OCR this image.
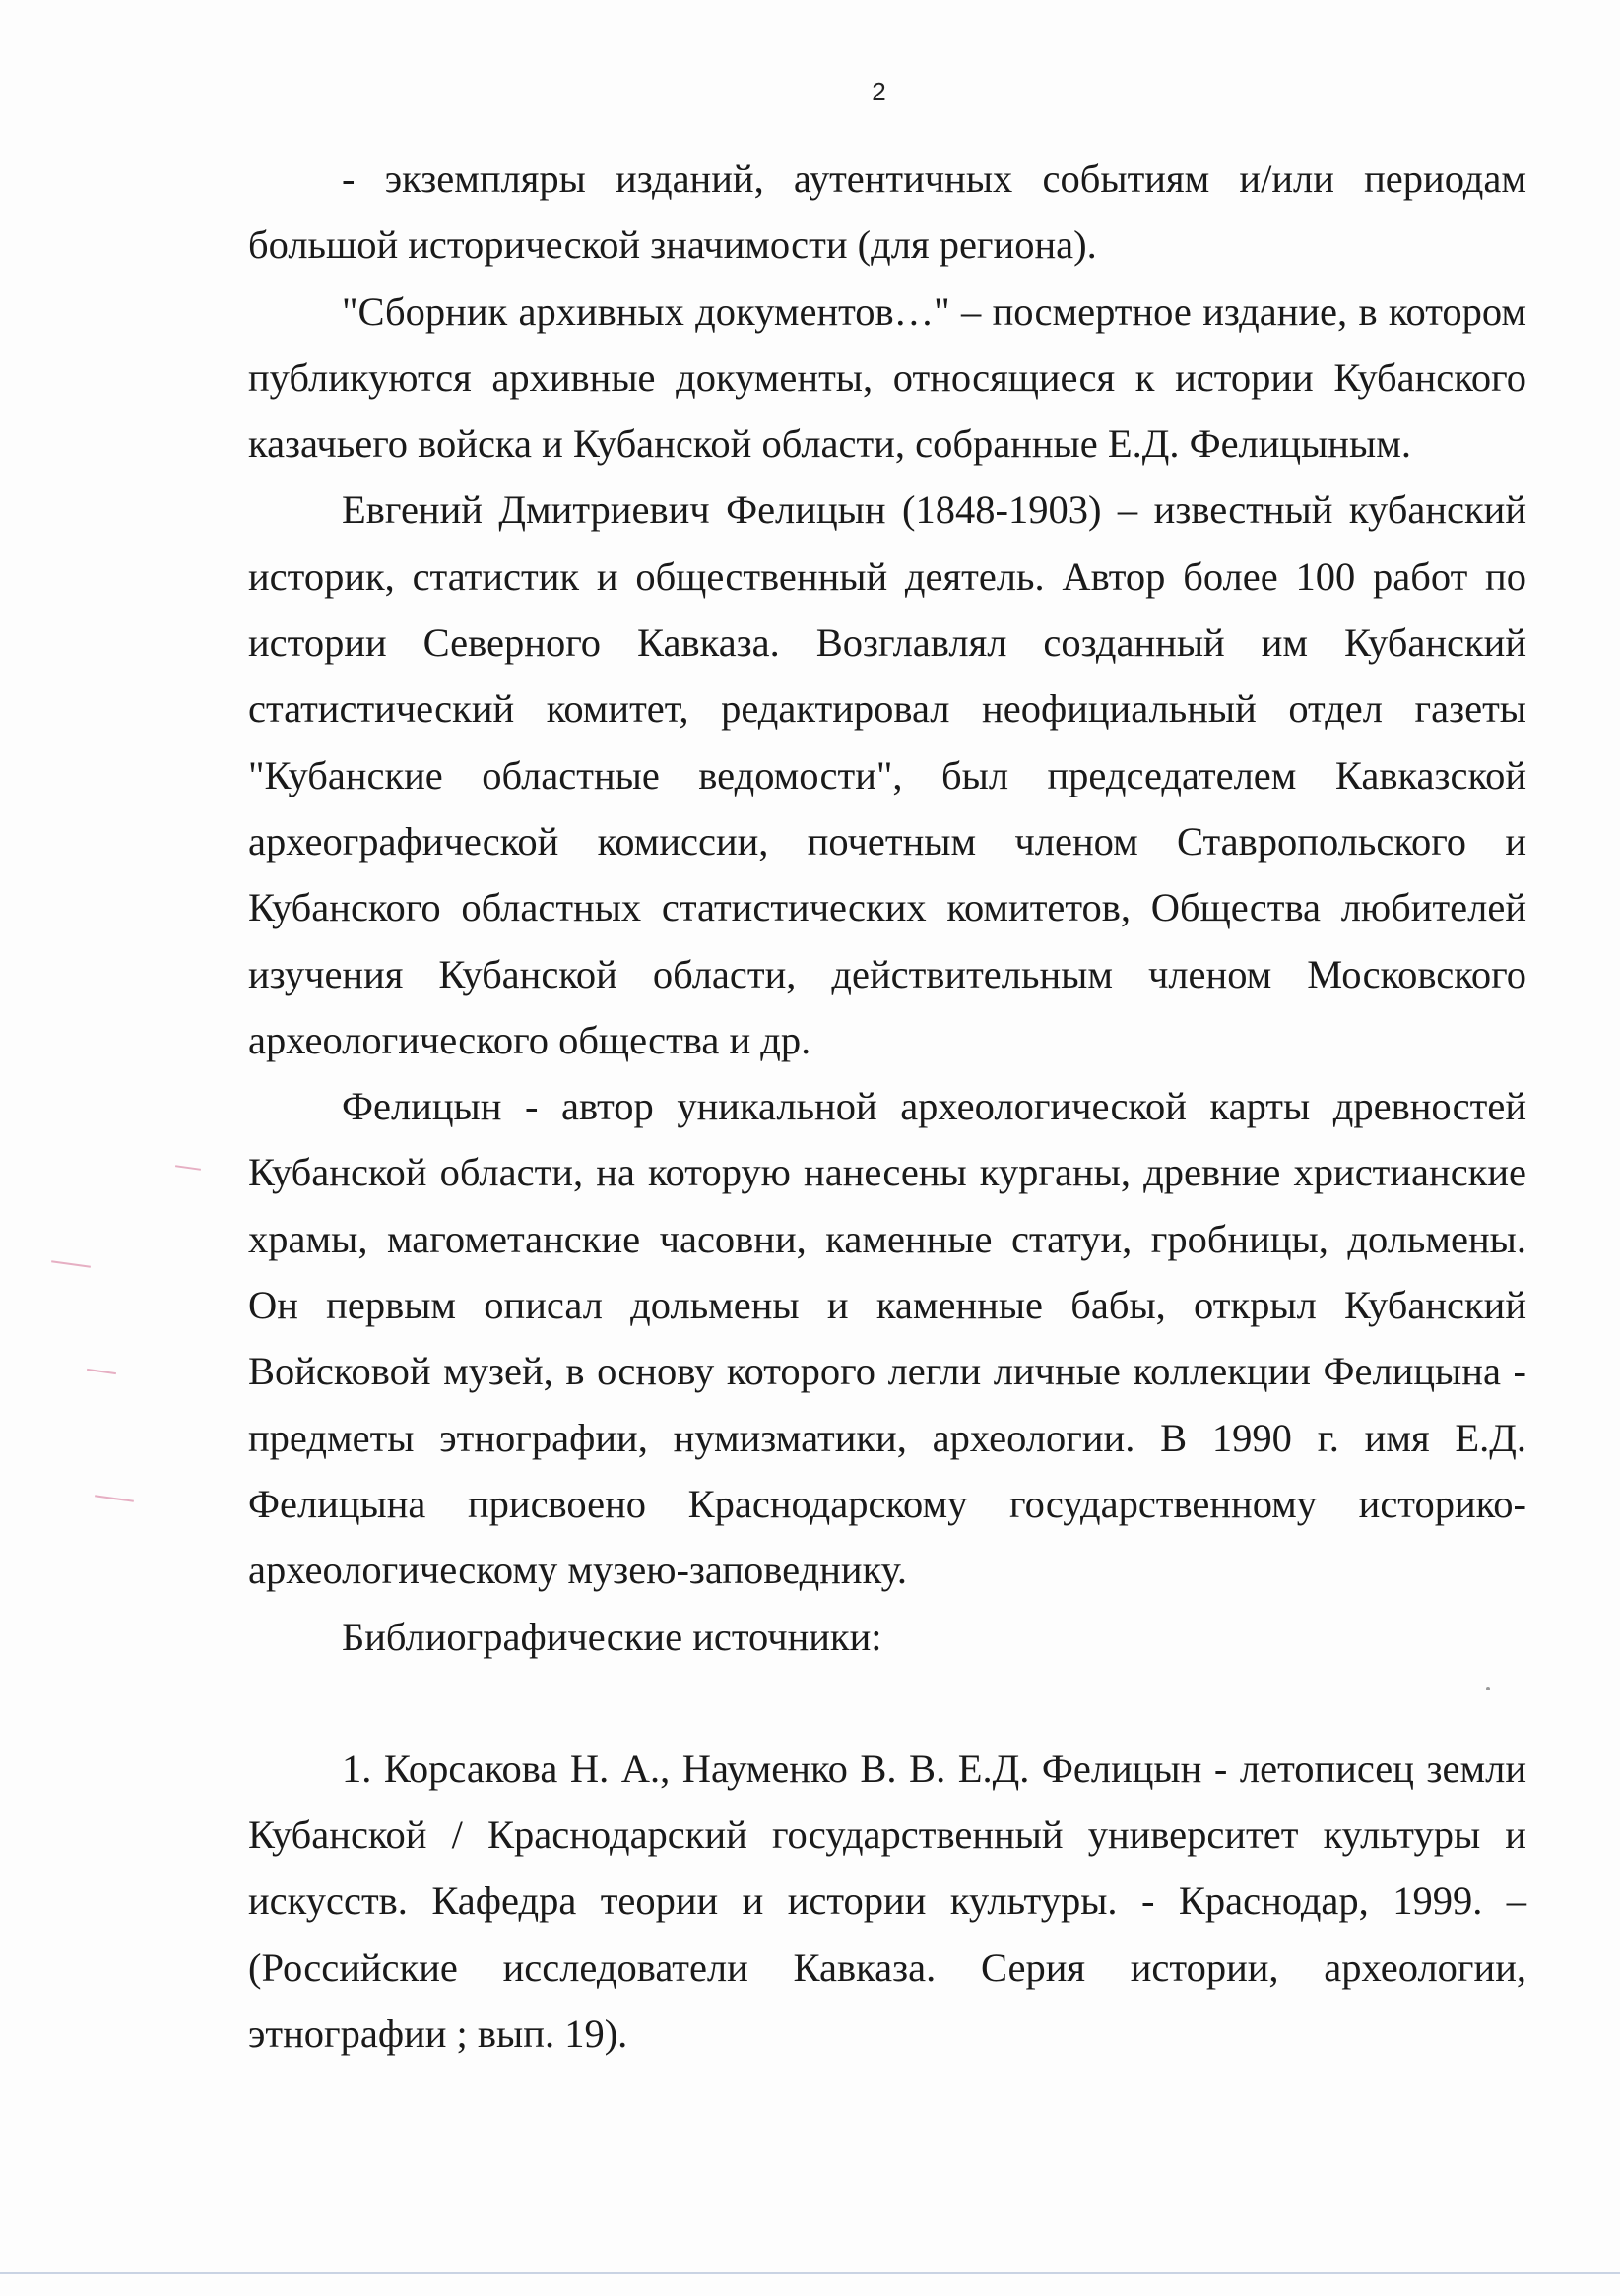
2

- экземпляры изданий, аутентичных событиям и/или периодам большой исторической значимости (для региона).

"Сборник архивных документов…" – посмертное издание, в котором публикуются архивные документы, относящиеся к истории Кубанского казачьего войска и Кубанской области, собранные Е.Д. Фелицыным.

Евгений Дмитриевич Фелицын (1848-1903) – известный кубанский историк, статистик и общественный деятель. Автор более 100 работ по истории Северного Кавказа. Возглавлял созданный им Кубанский статистический комитет, редактировал неофициальный отдел газеты "Кубанские областные ведомости", был председателем Кавказской археографической комиссии, почетным членом Ставропольского и Кубанского областных статистических комитетов, Общества любителей изучения Кубанской области, действительным членом Московского археологического общества и др.

Фелицын - автор уникальной археологической карты древностей Кубанской области, на которую нанесены курганы, древние христианские храмы, магометанские часовни, каменные статуи, гробницы, дольмены. Он первым описал дольмены и каменные бабы, открыл Кубанский Войсковой музей, в основу которого легли личные коллекции Фелицына - предметы этнографии, нумизматики, археологии. В 1990 г. имя Е.Д. Фелицына присвоено Краснодарскому государственному историко-археологическому музею-заповеднику.

Библиографические источники:

1. Корсакова Н. А., Науменко В. В. Е.Д. Фелицын - летописец земли Кубанской / Краснодарский государственный университет культуры и искусств. Кафедра теории и истории культуры. - Краснодар, 1999. – (Российские исследователи Кавказа. Серия истории, археологии, этнографии ; вып. 19).
